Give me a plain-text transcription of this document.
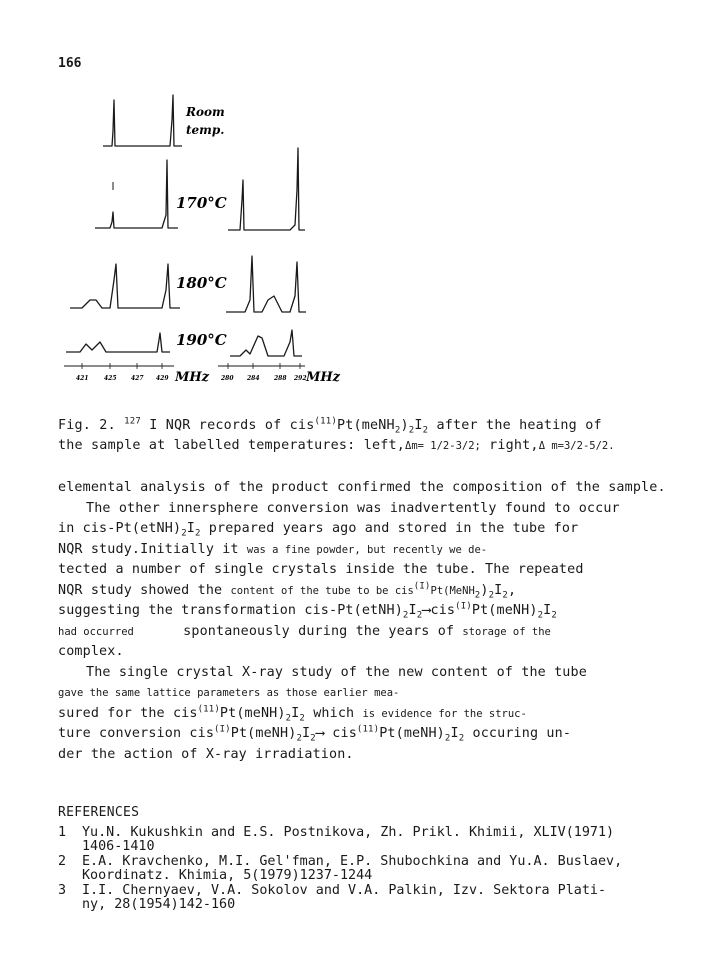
166
Room
temp.
170°C
180°C
190°C
421	425 427 429 MHz 280 284 288 292 MHz
Fig. 2. $^{127}$ I NQR records of $cis^{(11)}Pt(meNH_2)_2I_2$ after the heating of
the sample at labelled temperatures: left,Δm= 1/2-3/2; right,Δ m=3/2-5/2.

elemental analysis of the product confirmed the composition of the sample.

The other innersphere conversion was inadvertently found to occur

in cis-$Pt(etNH)_2I_2$ prepared years ago and stored in the tube for

NQR study.Initially it was a fine powder, but recently we de-

tected a number of single crystals inside the tube. The repeated

NQR study showed the content of the tube to be $cis^{(I)}Pt(MeNH_2)_2I_2$,

suggesting the transformation cis-$Pt(etNH)_2I_2⟶cis^{(I)}Pt(meNH)_2I_2$

had occurred	spontaneously during the years of storage of the

complex.

The single crystal X-ray study of the new content of the tube

gave the same lattice parameters as those earlier mea-

sured for the $cis^{(11)}Pt(meNH)_2I_2$ which is evidence for the struc-

ture conversion $cis^{(I)}Pt(meNH)_2I_2⟶$ $cis^{(11)}Pt(meNH)_2I_2$ occuring un-

der the action of X-ray irradiation.

REFERENCES
1 Yu.N. Kukushkin and E.S. Postnikova, Zh. Prikl. Khimii, XLIV(1971)
1406-1410
2 E.A. Kravchenko, M.I. Gel'fman, E.P. Shubochkina and Yu.A. Buslaev,
Koordinatz. Khimia, 5(1979)1237-1244
3 I.I. Chernyaev, V.A. Sokolov and V.A. Palkin, Izv. Sektora Plati-
ny, 28(1954)142-160
